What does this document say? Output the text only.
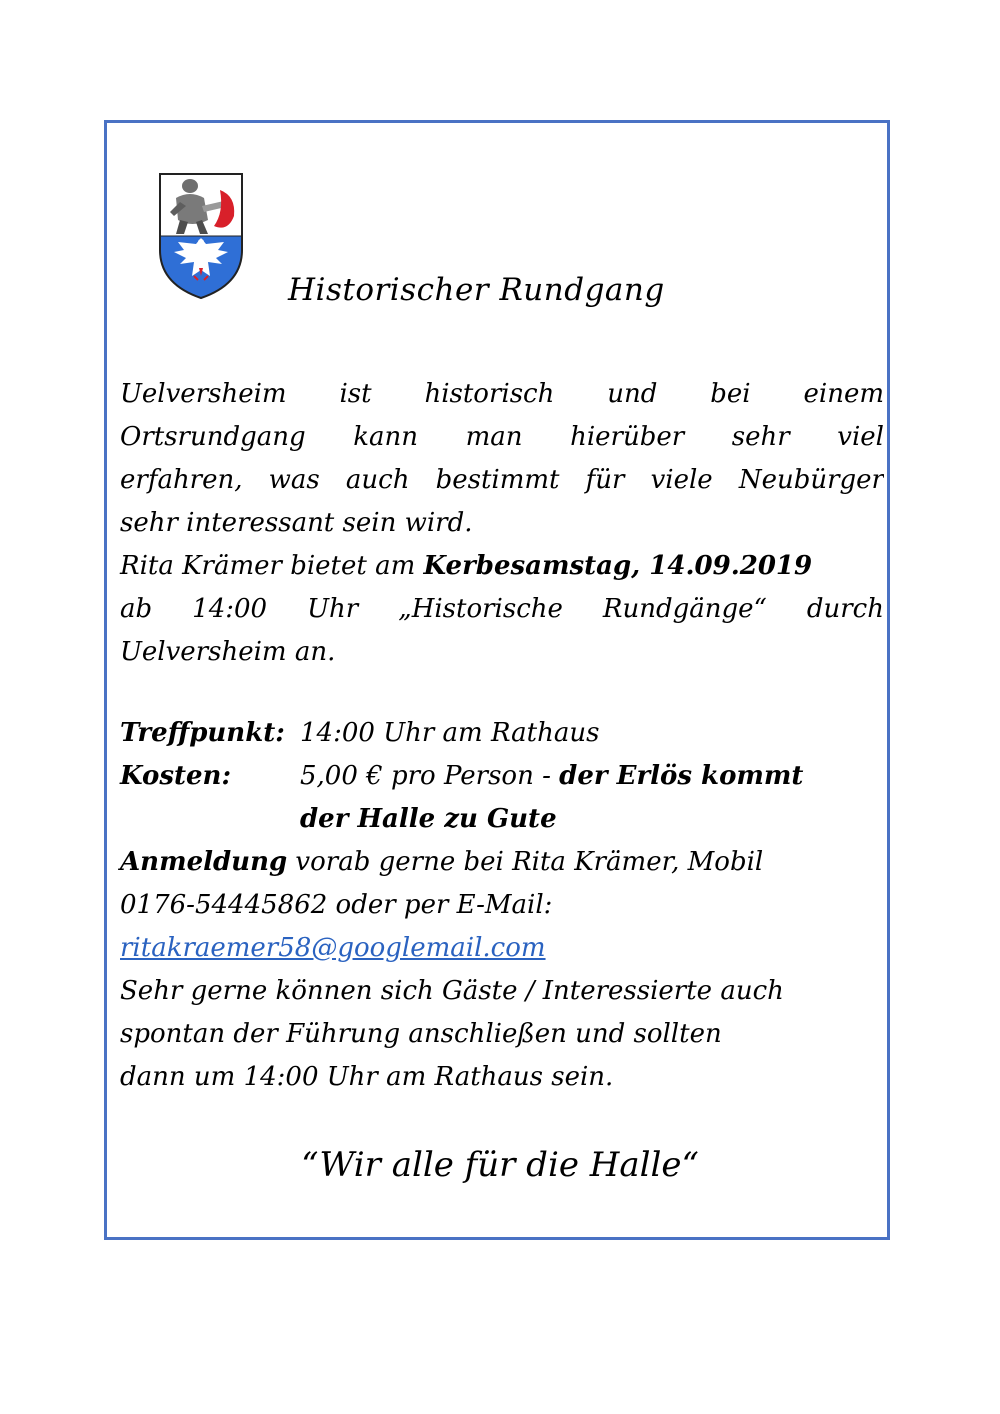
Historischer Rundgang
Uelversheim ist historisch und bei einem
Ortsrundgang kann man hierüber sehr viel
erfahren, was auch bestimmt für viele Neubürger
sehr interessant sein wird.
Rita Krämer bietet am Kerbesamstag, 14.09.2019
ab 14:00 Uhr „Historische Rundgänge“ durch
Uelversheim an.
Treffpunkt: 14:00 Uhr am Rathaus
Kosten:	5,00 € pro Person - der Erlös kommt
der Halle zu Gute
Anmeldung vorab gerne bei Rita Krämer, Mobil
0176-54445862 oder per E-Mail:
ritakraemer58@googlemail.com
Sehr gerne können sich Gäste / Interessierte auch
spontan der Führung anschließen und sollten
dann um 14:00 Uhr am Rathaus sein.
“Wir alle für die Halle“
